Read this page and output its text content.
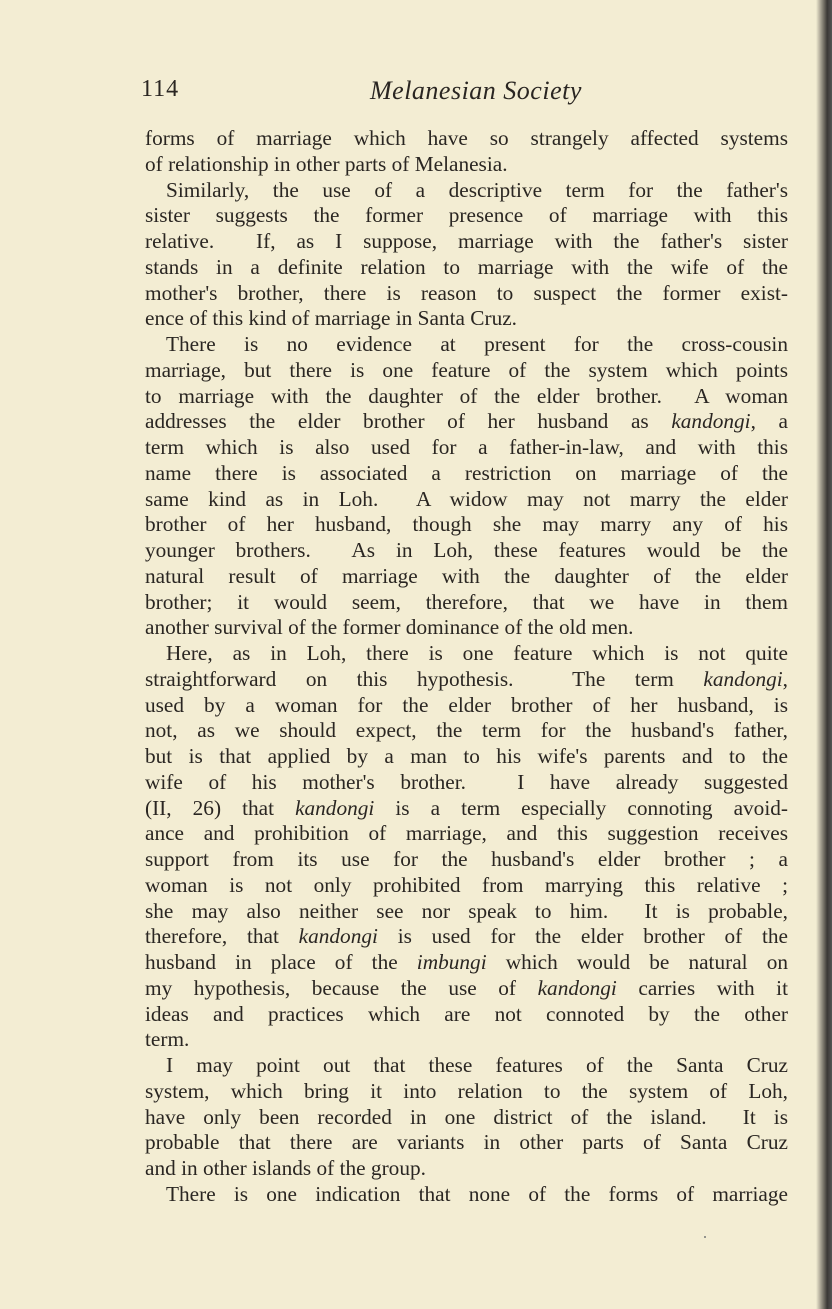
114	Melanesian Society
forms of marriage which have so strangely affected systems
of relationship in other parts of Melanesia.
Similarly, the use of a descriptive term for the father's
sister suggests the former presence of marriage with this
relative.  If, as I suppose, marriage with the father's sister
stands in a definite relation to marriage with the wife of the
mother's brother, there is reason to suspect the former exist-
ence of this kind of marriage in Santa Cruz.
There is no evidence at present for the cross-cousin
marriage, but there is one feature of the system which points
to marriage with the daughter of the elder brother.  A woman
addresses the elder brother of her husband as kandongi, a
term which is also used for a father-in-law, and with this
name there is associated a restriction on marriage of the
same kind as in Loh.  A widow may not marry the elder
brother of her husband, though she may marry any of his
younger brothers.  As in Loh, these features would be the
natural result of marriage with the daughter of the elder
brother; it would seem, therefore, that we have in them
another survival of the former dominance of the old men.
Here, as in Loh, there is one feature which is not quite
straightforward on this hypothesis.  The term kandongi,
used by a woman for the elder brother of her husband, is
not, as we should expect, the term for the husband's father,
but is that applied by a man to his wife's parents and to the
wife of his mother's brother.  I have already suggested
(II, 26) that kandongi is a term especially connoting avoid-
ance and prohibition of marriage, and this suggestion receives
support from its use for the husband's elder brother ; a
woman is not only prohibited from marrying this relative ;
she may also neither see nor speak to him.  It is probable,
therefore, that kandongi is used for the elder brother of the
husband in place of the imbungi which would be natural on
my hypothesis, because the use of kandongi carries with it
ideas and practices which are not connoted by the other
term.
I may point out that these features of the Santa Cruz
system, which bring it into relation to the system of Loh,
have only been recorded in one district of the island.  It is
probable that there are variants in other parts of Santa Cruz
and in other islands of the group.
There is one indication that none of the forms of marriage
